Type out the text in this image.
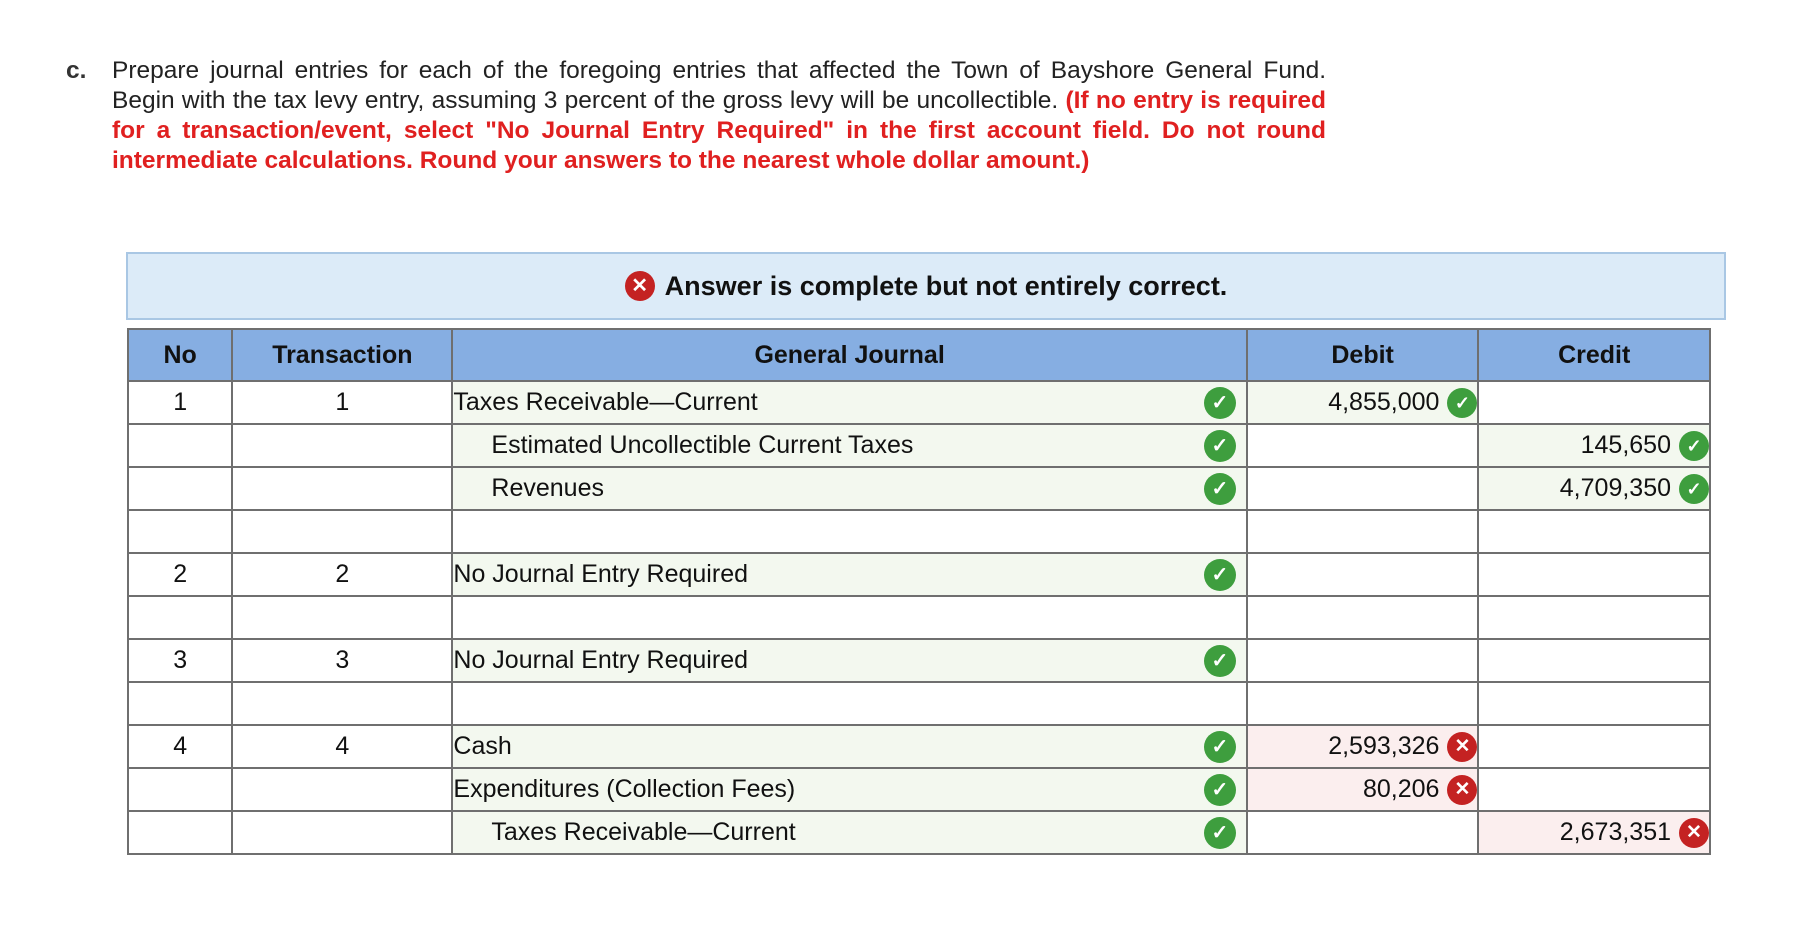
c. Prepare journal entries for each of the foregoing entries that affected the Town of Bayshore General Fund. Begin with the tax levy entry, assuming 3 percent of the gross levy will be uncollectible. (If no entry is required for a transaction/event, select "No Journal Entry Required" in the first account field. Do not round intermediate calculations. Round your answers to the nearest whole dollar amount.)
✕ Answer is complete but not entirely correct.
No	Transaction	General Journal	Debit	Credit
1	1	Taxes Receivable—Current ✓	4,855,000 ✓	
		Estimated Uncollectible Current Taxes ✓		145,650 ✓
		Revenues ✓		4,709,350 ✓

2	2	No Journal Entry Required ✓		

3	3	No Journal Entry Required ✓		

4	4	Cash ✓	2,593,326 ✕	
		Expenditures (Collection Fees) ✓	80,206 ✕	
		Taxes Receivable—Current ✓		2,673,351 ✕
